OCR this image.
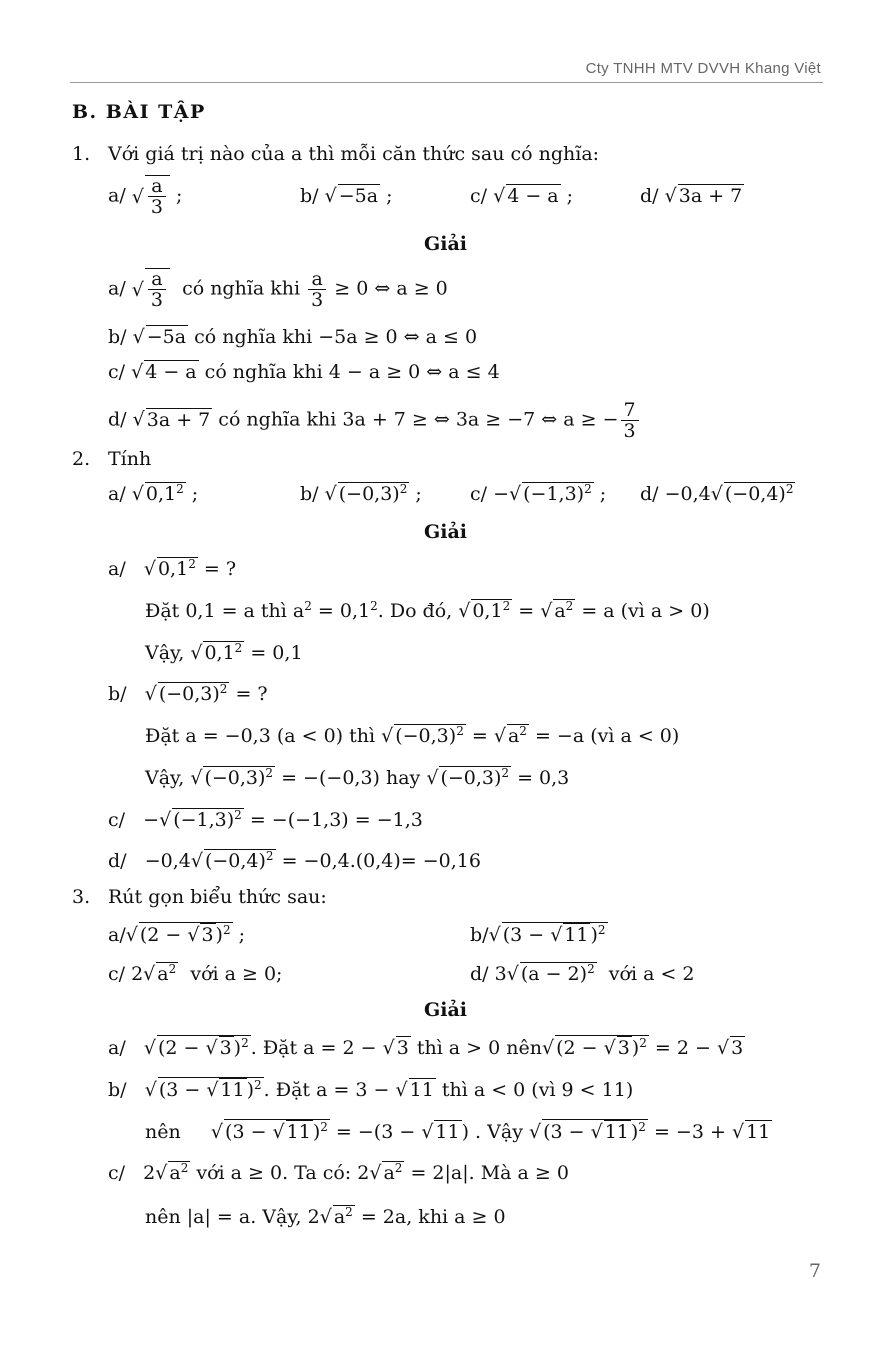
Cty TNHH MTV DVVH Khang Việt
B. BÀI TẬP
1. Với giá trị nào của a thì mỗi căn thức sau có nghĩa:
a/ √ $\frac{a}{3}$ ;	b/ √ −5a ;	c/ √ 4 − a ;	d/ √ 3a + 7
Giải
a/ √ $\frac{a}{3}$ có nghĩa khi $\frac{a}{3} \ge 0$ ⇔ a ≥ 0
b/ √ −5a có nghĩa khi −5a ≥ 0 ⇔ a ≤ 0
c/ √ 4 − a có nghĩa khi 4 − a ≥ 0 ⇔ a ≤ 4
d/ √ 3a + 7 có nghĩa khi 3a + 7 ≥ ⇔ 3a ≥ −7 ⇔ a ≥ − $\frac{7}{3}$
2. Tính
a/ √ $0,1^2$ ;	b/ √ $(-0,3)^2$ ;	c/ −√ $(-1,3)^2$ ; d/ −0,4√ $(-0,4)^2$
Giải
a/   √ $0,1^2$ = ?
Đặt 0,1 = a thì $a^2 = 0,1^2$. Do đó, √ $0,1^2$ = √ $a^2 = a$ (vì a > 0)
Vậy, √ $0,1^2 = 0,1$
b/   √ $(-0,3)^2$ = ?
Đặt a = −0,3 (a < 0) thì √ $(-0,3)^2$ = √ $a^2 = -a$ (vì a < 0)
Vậy, √ $(-0,3)^2 = -(-0,3)$ hay √ $(-0,3)^2 = 0,3$
c/ −√ $(-1,3)^2 = -(-1,3) = -1,3$
d/ −0,4√ $(-0,4)^2 = -0,4.(0,4)= -0,16$
3. Rút gọn biểu thức sau:
a/√ (2 − √ 3 )$^2$ ;	b/√ (3 − √ 11 )$^2$
c/ 2√ $a^2$ với a ≥ 0;	d/ 3√ $(a - 2)^2$ với a < 2
Giải
a/   √ (2 − √ 3 )$^2$ . Đặt a = 2 − √ 3 thì a > 0 nên√ (2 − √ 3 )$^2$ = 2 − √ 3
b/   √ (3 − √ 11 )$^2$ . Đặt a = 3 − √ 11 thì a < 0 (vì 9 < 11)
nên     √ (3 − √ 11 )$^2$ = −(3 − √ 11 ) . Vậy √ (3 − √ 11 )$^2$ = −3 + √ 11
c/ 2√ $a^2$ với a ≥ 0. Ta có: 2√ $a^2 = 2|a|$. Mà a ≥ 0
nên |a| = a. Vậy, 2√ $a^2 = 2a$, khi a ≥ 0
7
